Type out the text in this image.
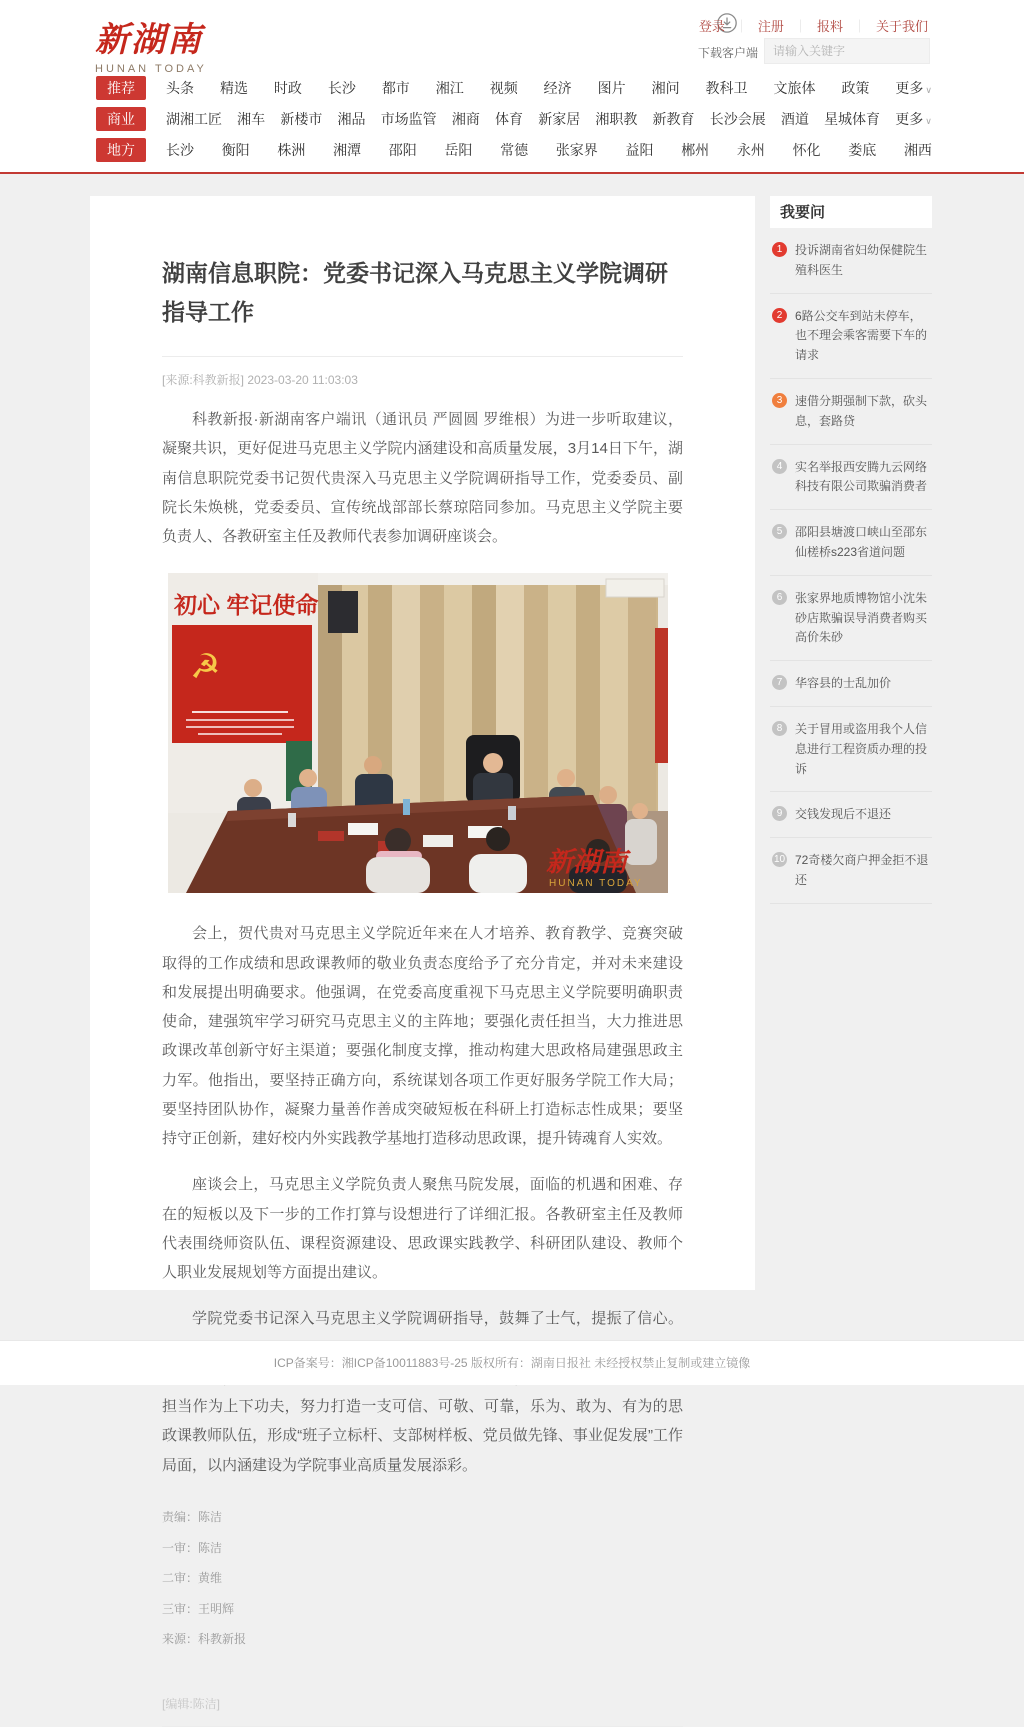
新湖南
HUNAN TODAY
下载客户端
登录 ｜ 注册 ｜ 报料 ｜ 关于我们
请输入关键字
推荐	头条 精选 时政 长沙 都市 湘江 视频 经济 图片 湘问 教科卫 文旅体 政策 更多 ∨
商业	湖湘工匠 湘车 新楼市 湘品 市场监管 湘商 体育 新家居 湘职教 新教育 长沙会展 酒道 星城体育 更多 ∨
地方	长沙 衡阳 株洲 湘潭 邵阳 岳阳 常德 张家界 益阳 郴州 永州 怀化 娄底 湘西
湖南信息职院：党委书记深入马克思主义学院调研指导工作
[来源:科教新报] 2023-03-20 11:03:03

科教新报·新湖南客户端讯（通讯员 严圆圆 罗维根）为进一步听取建议，凝聚共识，更好促进马克思主义学院内涵建设和高质量发展，3月14日下午，湖南信息职院党委书记贺代贵深入马克思主义学院调研指导工作，党委委员、副院长朱焕桃，党委委员、宣传统战部部长蔡琼陪同参加。马克思主义学院主要负责人、各教研室主任及教师代表参加调研座谈会。

初心 牢记使命
☭
新湖南
HUNAN TODAY

会上，贺代贵对马克思主义学院近年来在人才培养、教育教学、竞赛突破取得的工作成绩和思政课教师的敬业负责态度给予了充分肯定，并对未来建设和发展提出明确要求。他强调，在党委高度重视下马克思主义学院要明确职责使命，建强筑牢学习研究马克思主义的主阵地；要强化责任担当，大力推进思政课改革创新守好主渠道；要强化制度支撑，推动构建大思政格局建强思政主力军。他指出，要坚持正确方向，系统谋划各项工作更好服务学院工作大局；要坚持团队协作，凝聚力量善作善成突破短板在科研上打造标志性成果；要坚持守正创新，建好校内外实践教学基地打造移动思政课，提升铸魂育人实效。

座谈会上，马克思主义学院负责人聚焦马院发展，面临的机遇和困难、存在的短板以及下一步的工作打算与设想进行了详细汇报。各教研室主任及教师代表围绕师资队伍、课程资源建设、思政课实践教学、科研团队建设、教师个人职业发展规划等方面提出建议。

学院党委书记深入马克思主义学院调研指导，鼓舞了士气，提振了信心。 担当作为上下功夫，努力打造一支可信、可敬、可靠，乐为、敢为、有为的思政课教师队伍，形成“班子立标杆、支部树样板、党员做先锋、事业促发展”工作局面，以内涵建设为学院事业高质量发展添彩。

责编：陈洁
一审：陈洁
二审：黄维
三审：王明辉
来源：科教新报
[编辑:陈洁]
我要问
1	投诉湖南省妇幼保健院生殖科医生
2	6路公交车到站未停车，也不理会乘客需要下车的请求
3	速借分期强制下款，砍头息，套路贷
4	实名举报西安腾九云网络科技有限公司欺骗消费者
5	邵阳县塘渡口峡山至邵东仙槎桥s223省道问题
6	张家界地质博物馆小沈朱砂店欺骗误导消费者购买高价朱砂
7	华容县的士乱加价
8	关于冒用或盗用我个人信息进行工程资质办理的投诉
9	交钱发现后不退还
10 72奇楼欠商户押金拒不退还
ICP备案号：湘ICP备10011883号-25 版权所有：湖南日报社 未经授权禁止复制或建立镜像
